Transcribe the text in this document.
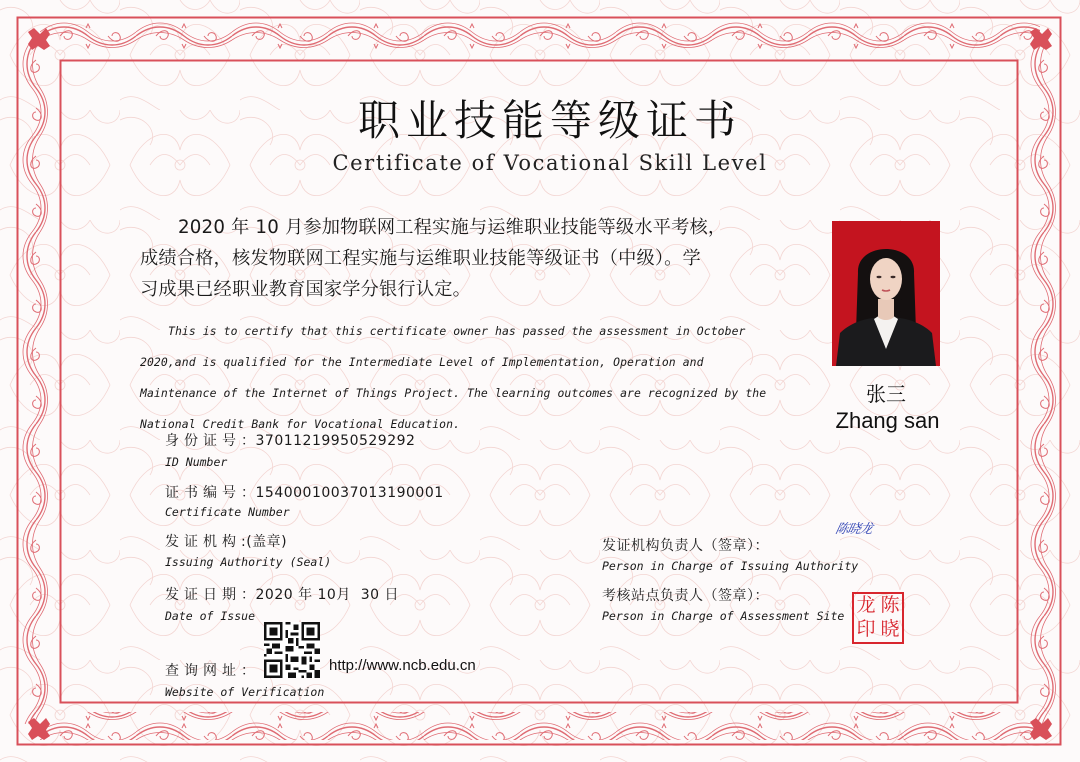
职业技能等级证书
Certificate of Vocational Skill Level
2020 年 10 月参加物联网工程实施与运维职业技能等级水平考核，
成绩合格，核发物联网工程实施与运维职业技能等级证书（中级）。学
习成果已经职业教育国家学分银行认定。
This is to certify that this certificate owner has passed the assessment in October
2020,and is qualified for the Intermediate Level of Implementation, Operation and
Maintenance of the Internet of Things Project. The learning outcomes are recognized by the
National Credit Bank for Vocational Education.
身份证号：37011219950529292
ID Number
证书编号：15400010037013190001
Certificate Number
发证机构:(盖章)
Issuing Authority (Seal)
发证日期：2020 年 10月  30 日
Date of Issue
查询网址：	http://www.ncb.edu.cn
Website of Verification
张三
Zhang san
陈晓龙
发证机构负责人（签章）：
Person in Charge of Issuing Authority
考核站点负责人（签章）：
Person in Charge of Assessment Site 陈
龙
晓
印
